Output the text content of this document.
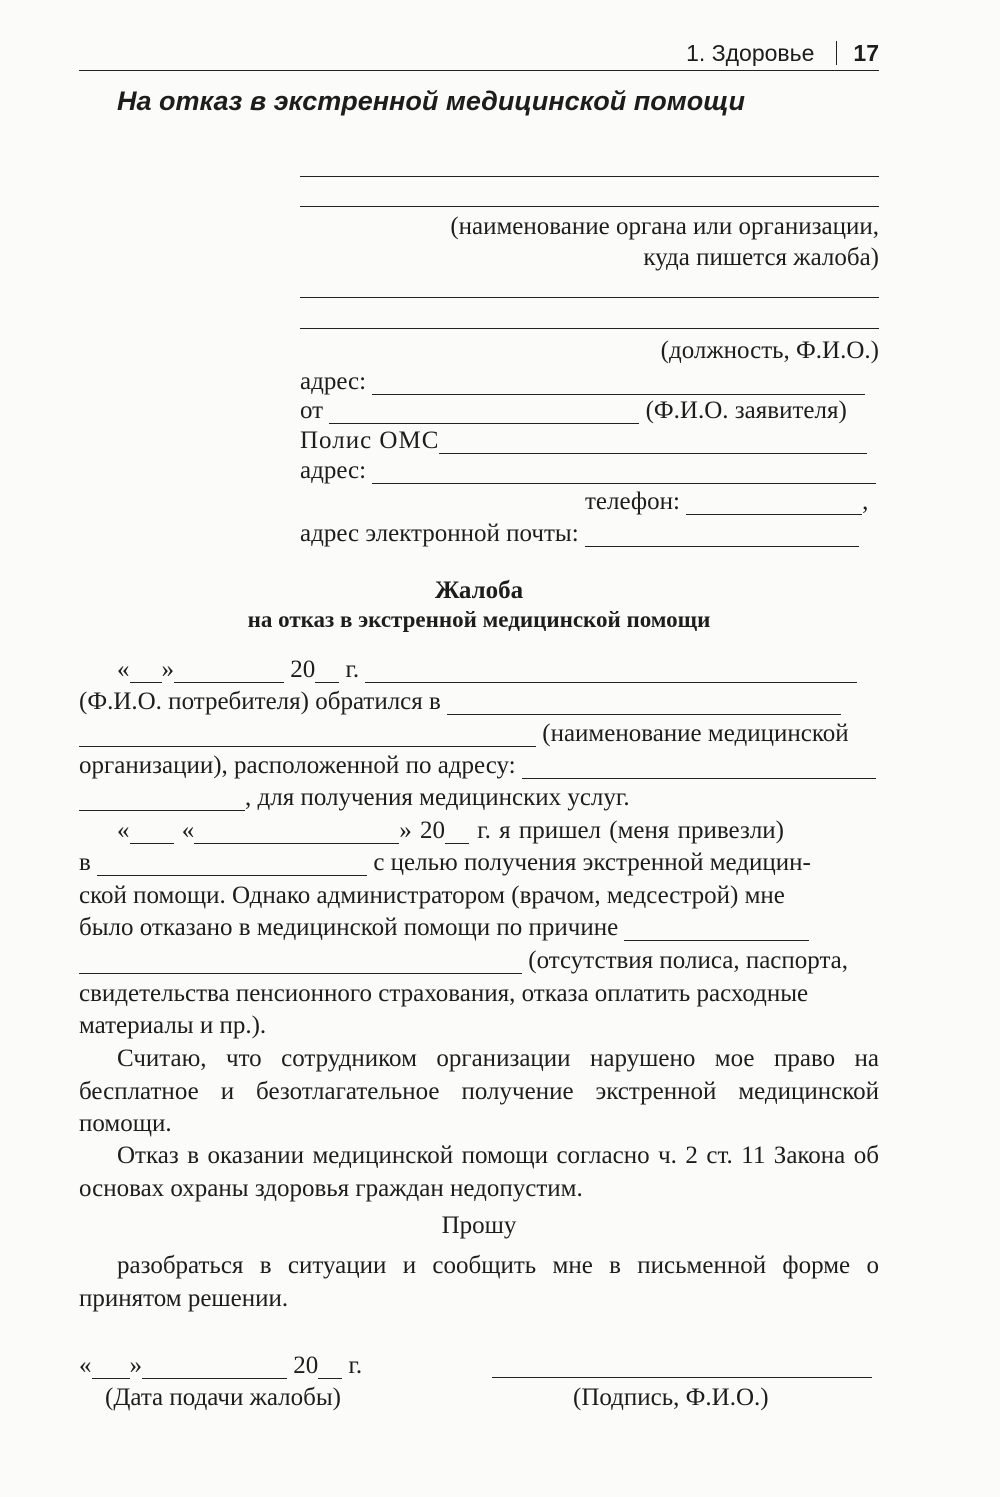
1. Здоровье 17
На отказ в экстренной медицинской помощи
(наименование органа или организации,
куда пишется жалоба)
(должность, Ф.И.О.)
адрес:
от	(Ф.И.О. заявителя)
Полис ОМС
адрес:
телефон:	,
адрес электронной почты:
Жалоба
на отказ в экстренной медицинской помощи
« »	20 г.
(Ф.И.О. потребителя) обратился в
(наименование медицинской
организации), расположенной по адресу:
, для получения медицинских услуг.
« «	» 20 г. я пришел (меня привезли)
в	с целью получения экстренной медицин-
ской помощи. Однако администратором (врачом, медсестрой) мне
было отказано в медицинской помощи по причине
(отсутствия полиса, паспорта,
свидетельства пенсионного страхования, отказа оплатить расходные
материалы и пр.).
Считаю, что сотрудником организации нарушено мое право на бесплатное и безотлагательное получение экстренной медицинской помощи.
Отказ в оказании медицинской помощи согласно ч. 2 ст. 11 Закона об основах охраны здоровья граждан недопустим.
Прошу
разобраться в ситуации и сообщить мне в письменной форме о принятом решении.
« »	20 г.
(Дата подачи жалобы)	(Подпись, Ф.И.О.)
